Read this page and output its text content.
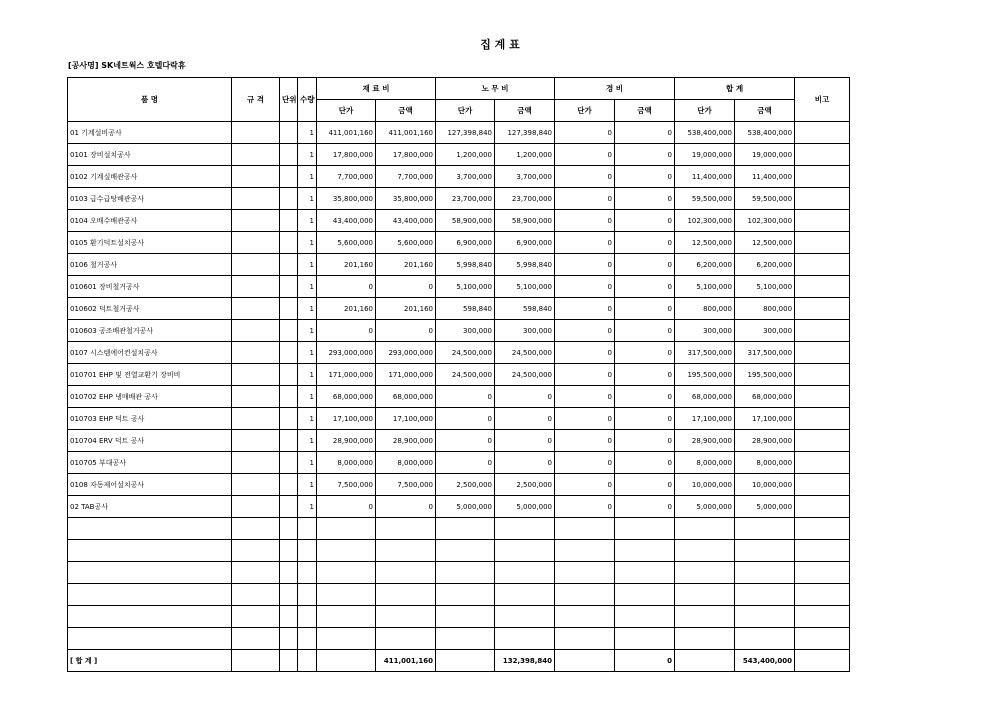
집 계 표
[공사명] SK네트웍스 호텔다락휴
품 명	규 격	단위	수량	재 료 비		노 무 비		경 비		합 계		비고
				단가	금액	단가	금액	단가	금액	단가	금액	
01 기계설비공사			1	411,001,160	411,001,160	127,398,840	127,398,840	0	0	538,400,000	538,400,000	
0101 장비설치공사			1	17,800,000	17,800,000	1,200,000	1,200,000	0	0	19,000,000	19,000,000	
0102 기계실배관공사			1	7,700,000	7,700,000	3,700,000	3,700,000	0	0	11,400,000	11,400,000	
0103 급수급탕배관공사			1	35,800,000	35,800,000	23,700,000	23,700,000	0	0	59,500,000	59,500,000	
0104 오배수배관공사			1	43,400,000	43,400,000	58,900,000	58,900,000	0	0	102,300,000	102,300,000	
0105 환기덕트설치공사			1	5,600,000	5,600,000	6,900,000	6,900,000	0	0	12,500,000	12,500,000	
0106 철거공사			1	201,160	201,160	5,998,840	5,998,840	0	0	6,200,000	6,200,000	
010601 장비철거공사			1	0	0	5,100,000	5,100,000	0	0	5,100,000	5,100,000	
010602 덕트철거공사			1	201,160	201,160	598,840	598,840	0	0	800,000	800,000	
010603 공조배관철거공사			1	0	0	300,000	300,000	0	0	300,000	300,000	
0107 시스템에어컨설치공사			1	293,000,000	293,000,000	24,500,000	24,500,000	0	0	317,500,000	317,500,000	
010701 EHP 및 전열교환기 장비비			1	171,000,000	171,000,000	24,500,000	24,500,000	0	0	195,500,000	195,500,000	
010702 EHP 냉매배관 공사			1	68,000,000	68,000,000	0	0	0	0	68,000,000	68,000,000	
010703 EHP 덕트 공사			1	17,100,000	17,100,000	0	0	0	0	17,100,000	17,100,000	
010704 ERV 덕트 공사			1	28,900,000	28,900,000	0	0	0	0	28,900,000	28,900,000	
010705 부대공사			1	8,000,000	8,000,000	0	0	0	0	8,000,000	8,000,000	
0108 자동제어설치공사			1	7,500,000	7,500,000	2,500,000	2,500,000	0	0	10,000,000	10,000,000	
02 TAB공사			1	0	0	5,000,000	5,000,000	0	0	5,000,000	5,000,000	

[ 합 계 ]					411,001,160		132,398,840		0		543,400,000	
